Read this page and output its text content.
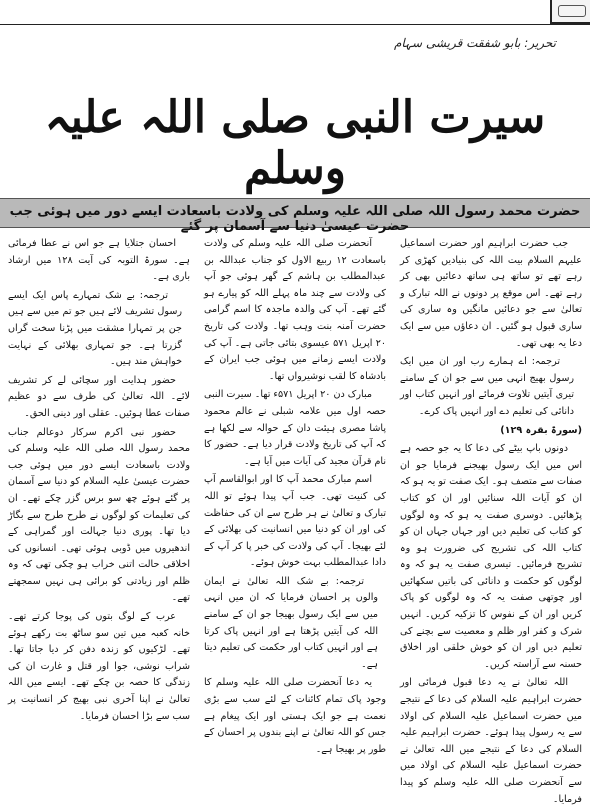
تحریر: بابو شفقت قریشی سہام
سیرت النبی صلی اللہ علیہ وسلم
حضرت محمد رسول اللہ صلی اللہ علیہ وسلم کی ولادت باسعادت ایسے دور میں ہوئی جب حضرت عیسیٰ دنیا سے آسمان پر گئے

جب حضرت ابراہیم اور حضرت اسماعیل علیہم السلام بیت اللہ کی بنیادیں کھڑی کر رہے تھے تو ساتھ ہی ساتھ دعائیں بھی کر رہے تھے۔ اس موقع پر دونوں نے اللہ تبارک و تعالیٰ سے جو دعائیں مانگیں وہ ساری کی ساری قبول ہو گئیں۔ ان دعاؤں میں سے ایک دعا یہ بھی تھی۔

ترجمہ: اے ہمارے رب اور ان میں ایک رسول بھیج انہی میں سے جو ان کے سامنے تیری آیتیں تلاوت فرمائے اور انہیں کتاب اور دانائی کی تعلیم دے اور انہیں پاک کرے۔

(سورۃ بقرہ ۱۲۹)

دونوں باپ بیٹے کی دعا کا یہ جو حصہ ہے اس میں ایک رسول بھیجنے فرمایا جو ان صفات سے متصف ہو۔ ایک صفت تو یہ ہو کہ ان کو آیات اللہ سنائیں اور ان کو کتاب پڑھائیں۔ دوسری صفت یہ ہو کہ وہ لوگوں کو کتاب کی تعلیم دیں اور جہاں جہاں ان کو کتاب اللہ کی تشریح کی ضرورت ہو وہ تشریح فرمائیں۔ تیسری صفت یہ ہو کہ وہ لوگوں کو حکمت و دانائی کی باتیں سکھائیں اور چوتھی صفت یہ کہ وہ لوگوں کو پاک کریں اور ان کے نفوس کا تزکیہ کریں۔ انہیں شرک و کفر اور ظلم و معصیت سے بچنے کی تعلیم دیں اور ان کو خوش خلقی اور اخلاق حسنہ سے آراستہ کریں۔

اللہ تعالیٰ نے یہ دعا قبول فرمائی اور حضرت ابراہیم علیہ السلام کی دعا کے نتیجے میں حضرت اسماعیل علیہ السلام کی اولاد سے یہ رسول پیدا ہوئے۔ حضرت ابراہیم علیہ السلام کی دعا کے نتیجے میں اللہ تعالیٰ نے حضرت اسماعیل علیہ السلام کی اولاد میں سے آنحضرت صلی اللہ علیہ وسلم کو پیدا فرمایا۔

آنحضرت صلی اللہ علیہ وسلم کی ولادت باسعادت ۱۲ ربیع الاول کو جناب عبداللہ بن عبدالمطلب بن ہاشم کے گھر ہوئی جو آپ کی ولادت سے چند ماہ پہلے اللہ کو پیارے ہو گئے تھے۔ آپ کی والدہ ماجدہ کا اسم گرامی حضرت آمنہ بنت وہب تھا۔ ولادت کی تاریخ ۲۰ اپریل ۵۷۱ عیسوی بتائی جاتی ہے۔ آپ کی ولادت ایسے زمانے میں ہوئی جب ایران کے بادشاہ کا لقب نوشیرواں تھا۔

مبارک دن ۲۰ اپریل ۵۷۱ء تھا۔ سیرت النبی حصہ اول میں علامہ شبلی نے عالم محمود پاشا مصری ہیئت دان کے حوالہ سے لکھا ہے کہ آپ کی تاریخ ولادت قرار دیا ہے۔ حضور کا نام قرآن مجید کی آیات میں آیا ہے۔

اسم مبارک محمد آپ کا اور ابوالقاسم آپ کی کنیت تھی۔ جب آپ پیدا ہوئے تو اللہ تبارک و تعالیٰ نے ہر طرح سے ان کی حفاظت کی اور ان کو دنیا میں انسانیت کی بھلائی کے لئے بھیجا۔ آپ کی ولادت کی خبر پا کر آپ کے دادا عبدالمطلب بہت خوش ہوئے۔

ترجمہ: بے شک اللہ تعالیٰ نے ایمان والوں پر احسان فرمایا کہ ان میں انہی میں سے ایک رسول بھیجا جو ان کے سامنے اللہ کی آیتیں پڑھتا ہے اور انہیں پاک کرتا ہے اور انہیں کتاب اور حکمت کی تعلیم دیتا ہے۔

یہ دعا آنحضرت صلی اللہ علیہ وسلم کا وجود پاک تمام کائنات کے لئے سب سے بڑی نعمت ہے جو ایک ہستی اور ایک پیغام ہے جس کو اللہ تعالیٰ نے اپنے بندوں پر احسان کے طور پر بھیجا ہے۔

احسان جتلایا ہے جو اس نے عطا فرمائی ہے۔ سورۃ التوبہ کی آیت ۱۲۸ میں ارشاد باری ہے۔

ترجمہ: بے شک تمہارے پاس ایک ایسے رسول تشریف لائے ہیں جو تم میں سے ہیں جن پر تمہارا مشقت میں پڑنا سخت گراں گزرتا ہے۔ جو تمہاری بھلائی کے نہایت خواہش مند ہیں۔

حضور ہدایت اور سچائی لے کر تشریف لائے۔ اللہ تعالیٰ کی طرف سے دو عظیم صفات عطا ہوئیں۔ عقلی اور دینی الحق۔

حضور نبی اکرم سرکار دوعالم جناب محمد رسول اللہ صلی اللہ علیہ وسلم کی ولادت باسعادت ایسے دور میں ہوئی جب حضرت عیسیٰ علیہ السلام کو دنیا سے آسمان پر گئے ہوئے چھ سو برس گزر چکے تھے۔ ان کی تعلیمات کو لوگوں نے طرح طرح سے بگاڑ دیا تھا۔ پوری دنیا جہالت اور گمراہی کے اندھیروں میں ڈوبی ہوئی تھی۔ انسانوں کی اخلاقی حالت اتنی خراب ہو چکی تھی کہ وہ ظلم اور زیادتی کو برائی ہی نہیں سمجھتے تھے۔

عرب کے لوگ بتوں کی پوجا کرتے تھے۔ خانہ کعبہ میں تین سو ساٹھ بت رکھے ہوئے تھے۔ لڑکیوں کو زندہ دفن کر دیا جاتا تھا۔ شراب نوشی، جوا اور قتل و غارت ان کی زندگی کا حصہ بن چکے تھے۔ ایسے میں اللہ تعالیٰ نے اپنا آخری نبی بھیج کر انسانیت پر سب سے بڑا احسان فرمایا۔
